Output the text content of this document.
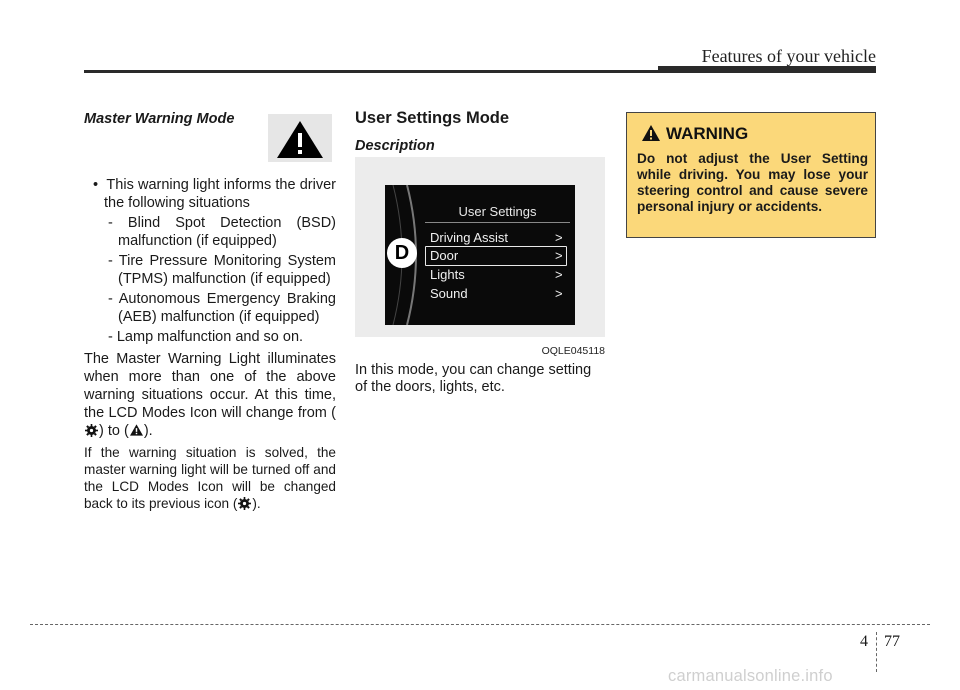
Features of your vehicle

Master Warning Mode

•  This warning light informs the driver the following situations
- Blind Spot Detection (BSD) malfunction (if equipped)
- Tire Pressure Monitoring System (TPMS) malfunction (if equipped)
- Autonomous Emergency Braking (AEB) malfunction (if equipped)
- Lamp malfunction and so on.
The Master Warning Light illuminates when more than one of the above warning situations occur. At this time, the LCD Modes Icon will change from () to ( ).
If the warning situation is solved, the master warning light will be turned off and the LCD Modes Icon will be changed back to its previous icon ( ).

User Settings Mode

Description

D
User Settings
Driving Assist	>
Door	>
Lights	>
Sound	>
OQLE045118
In this mode, you can change setting of the doors, lights, etc.
WARNING
Do not adjust the User Setting while driving. You may lose your steering control and cause severe personal injury or accidents.
4 77
carmanualsonline.info
